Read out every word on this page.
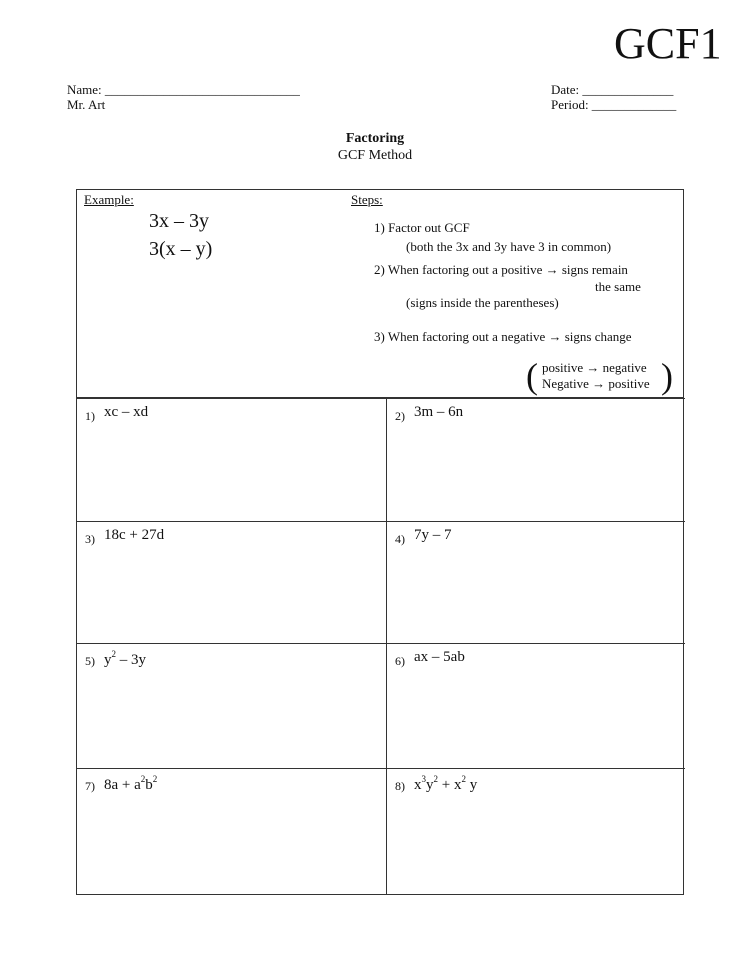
GCF1
Name: ______________________________
Mr. Art
Date: ______________
Period: _____________
Factoring
GCF Method
Example:
3x – 3y
3(x – y)
Steps:
1) Factor out GCF
(both the 3x and 3y have 3 in common)
2) When factoring out a positive → signs remain
the same
(signs inside the parentheses)
3) When factoring out a negative → signs change
( positive → negative
Negative → positive )
1) xc – xd	2) 3m – 6n
3) 18c + 27d	4) 7y – 7
5) $y^2 - 3y$	6) ax – 5ab
7) $8a + a^2b^2$	8) $x^3y^2 + x^2$ y
